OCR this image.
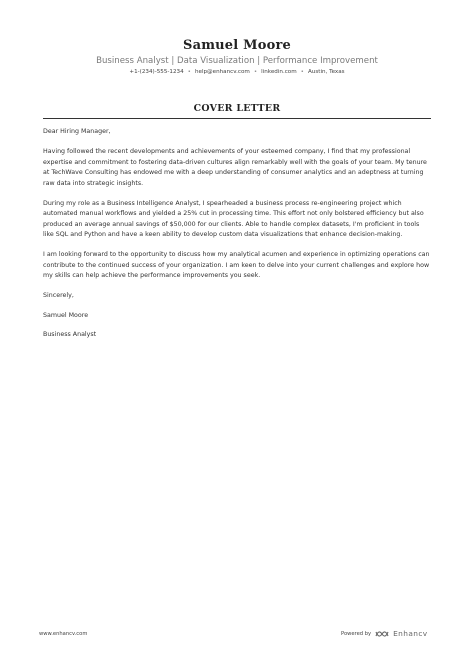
Samuel Moore
Business Analyst | Data Visualization | Performance Improvement
+1-(234)-555-1234 • help@enhancv.com • linkedin.com • Austin, Texas
COVER LETTER

Dear Hiring Manager,

Having followed the recent developments and achievements of your esteemed company, I find that my professional expertise and commitment to fostering data-driven cultures align remarkably well with the goals of your team. My tenure at TechWave Consulting has endowed me with a deep understanding of consumer analytics and an adeptness at turning raw data into strategic insights.

During my role as a Business Intelligence Analyst, I spearheaded a business process re-engineering project which automated manual workflows and yielded a 25% cut in processing time. This effort not only bolstered efficiency but also produced an average annual savings of $50,000 for our clients. Able to handle complex datasets, I'm proficient in tools like SQL and Python and have a keen ability to develop custom data visualizations that enhance decision-making.

I am looking forward to the opportunity to discuss how my analytical acumen and experience in optimizing operations can contribute to the continued success of your organization. I am keen to delve into your current challenges and explore how my skills can help achieve the performance improvements you seek.

Sincerely,

Samuel Moore

Business Analyst

www.enhancv.com	Powered by	Enhancv
